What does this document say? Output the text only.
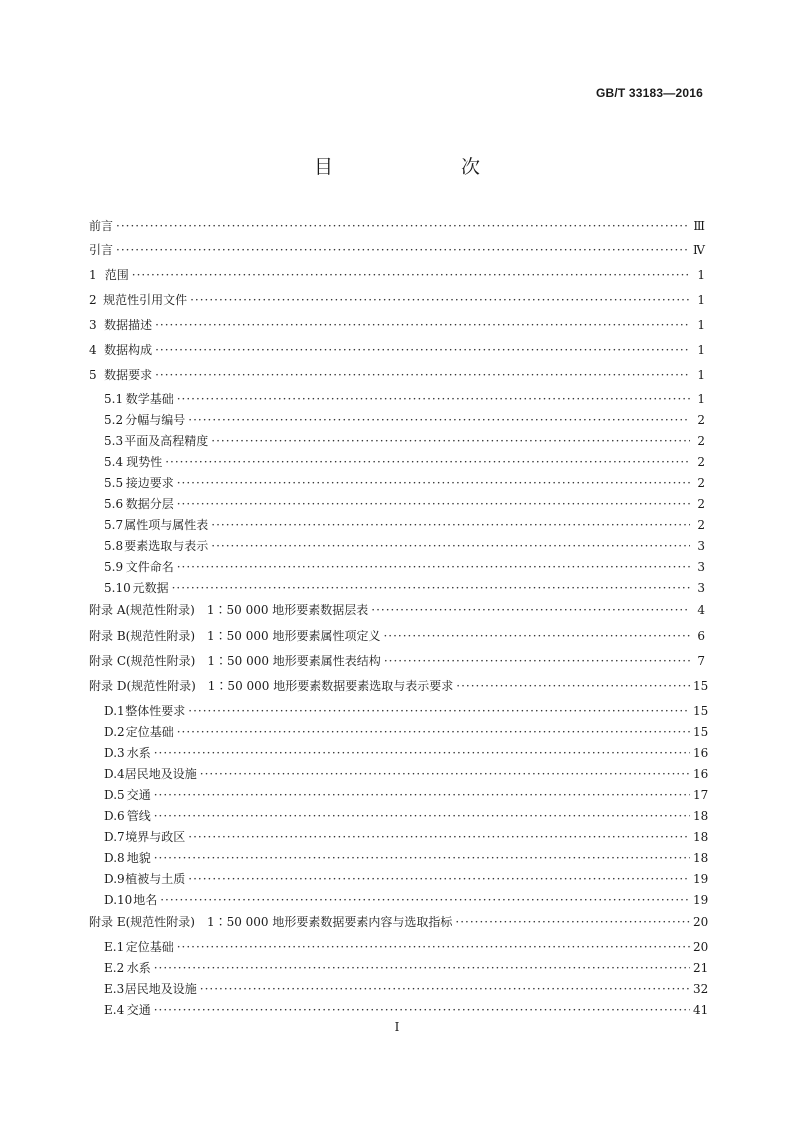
GB/T 33183—2016
目　　次
前言 ·····	Ⅲ
引言 ·····	Ⅳ
1 范围 ·····	1
2 规范性引用文件 ·····	1
3 数据描述 ·····	1
4 数据构成 ·····	1
5 数据要求 ·····	1
5.1 数学基础 ·····	1
5.2 分幅与编号 ·····	2
5.3 平面及高程精度 ·····	2
5.4 现势性 ·····	2
5.5 接边要求 ·····	2
5.6 数据分层 ·····	2
5.7 属性项与属性表 ·····	2
5.8 要素选取与表示 ·····	3
5.9 文件命名 ·····	3
5.10 元数据 ·····	3
附录 A (规范性附录)　1∶50 000 地形要素数据层表 ·····	4
附录 B (规范性附录)　1∶50 000 地形要素属性项定义 ·····	6
附录 C (规范性附录)　1∶50 000 地形要素属性表结构 ·····	7
附录 D (规范性附录)　1∶50 000 地形要素数据要素选取与表示要求 ·····	15
D.1 整体性要求 ·····	15
D.2 定位基础 ·····	15
D.3 水系 ·····	16
D.4 居民地及设施 ·····	16
D.5 交通 ·····	17
D.6 管线 ·····	18
D.7 境界与政区 ·····	18
D.8 地貌 ·····	18
D.9 植被与土质 ·····	19
D.10 地名 ·····	19
附录 E (规范性附录)　1∶50 000 地形要素数据要素内容与选取指标 ·····	20
E.1 定位基础 ·····	20
E.2 水系 ·····	21
E.3 居民地及设施 ·····	32
E.4 交通 ·····	41
Ⅰ
